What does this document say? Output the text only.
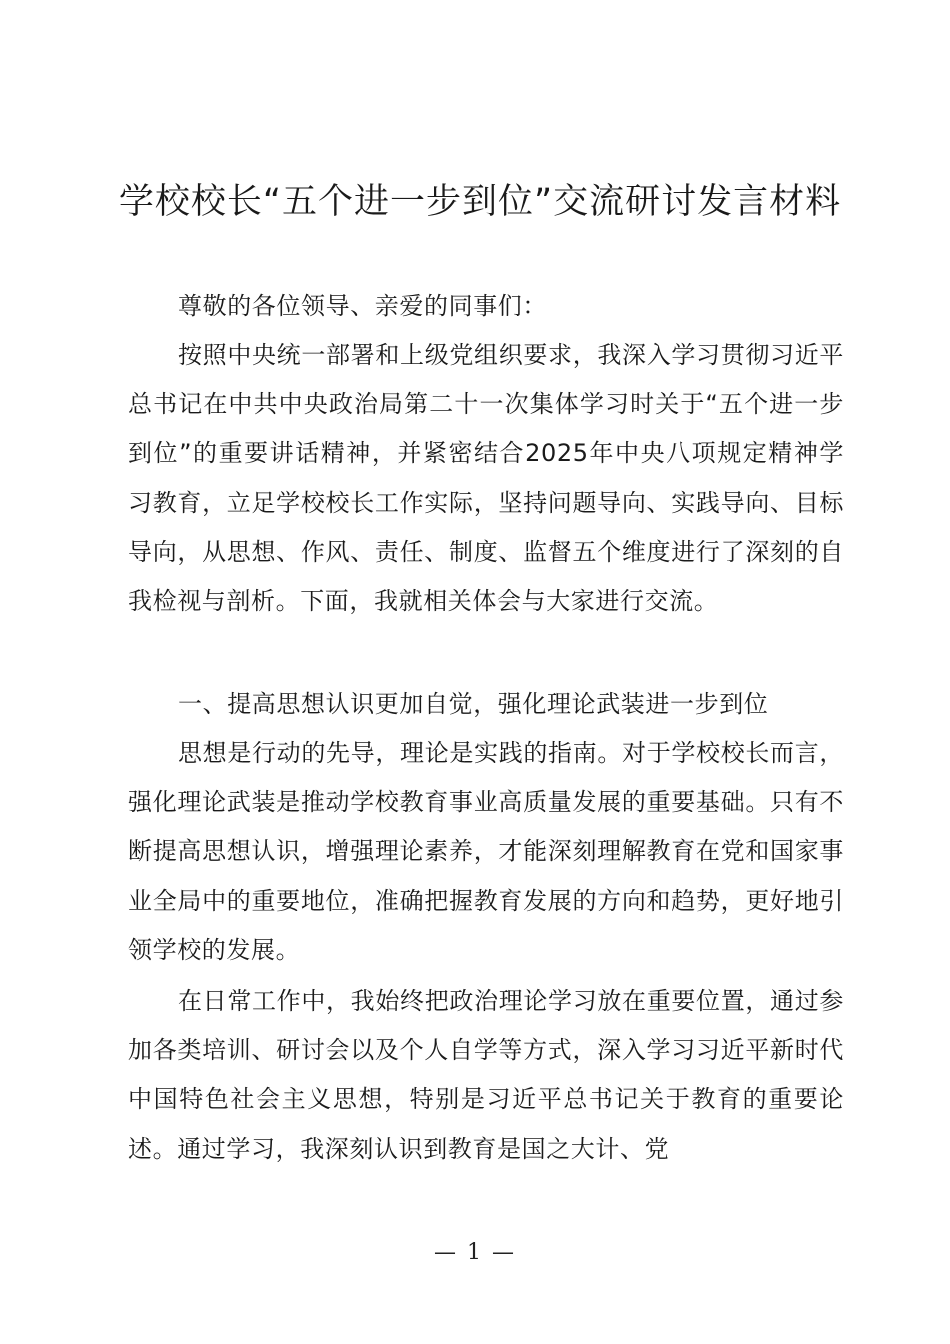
学校校长“五个进一步到位”交流研讨发言材料

尊敬的各位领导、亲爱的同事们：

按照中央统一部署和上级党组织要求，我深入学习贯彻习近平总书记在中共中央政治局第二十一次集体学习时关于“五个进一步到位”的重要讲话精神，并紧密结合2025年中央八项规定精神学习教育，立足学校校长工作实际，坚持问题导向、实践导向、目标导向，从思想、作风、责任、制度、监督五个维度进行了深刻的自我检视与剖析。下面，我就相关体会与大家进行交流。

一、提高思想认识更加自觉，强化理论武装进一步到位

思想是行动的先导，理论是实践的指南。对于学校校长而言，强化理论武装是推动学校教育事业高质量发展的重要基础。只有不断提高思想认识，增强理论素养，才能深刻理解教育在党和国家事业全局中的重要地位，准确把握教育发展的方向和趋势，更好地引领学校的发展。

在日常工作中，我始终把政治理论学习放在重要位置，通过参加各类培训、研讨会以及个人自学等方式，深入学习习近平新时代中国特色社会主义思想，特别是习近平总书记关于教育的重要论述。通过学习，我深刻认识到教育是国之大计、党

— 1 —
